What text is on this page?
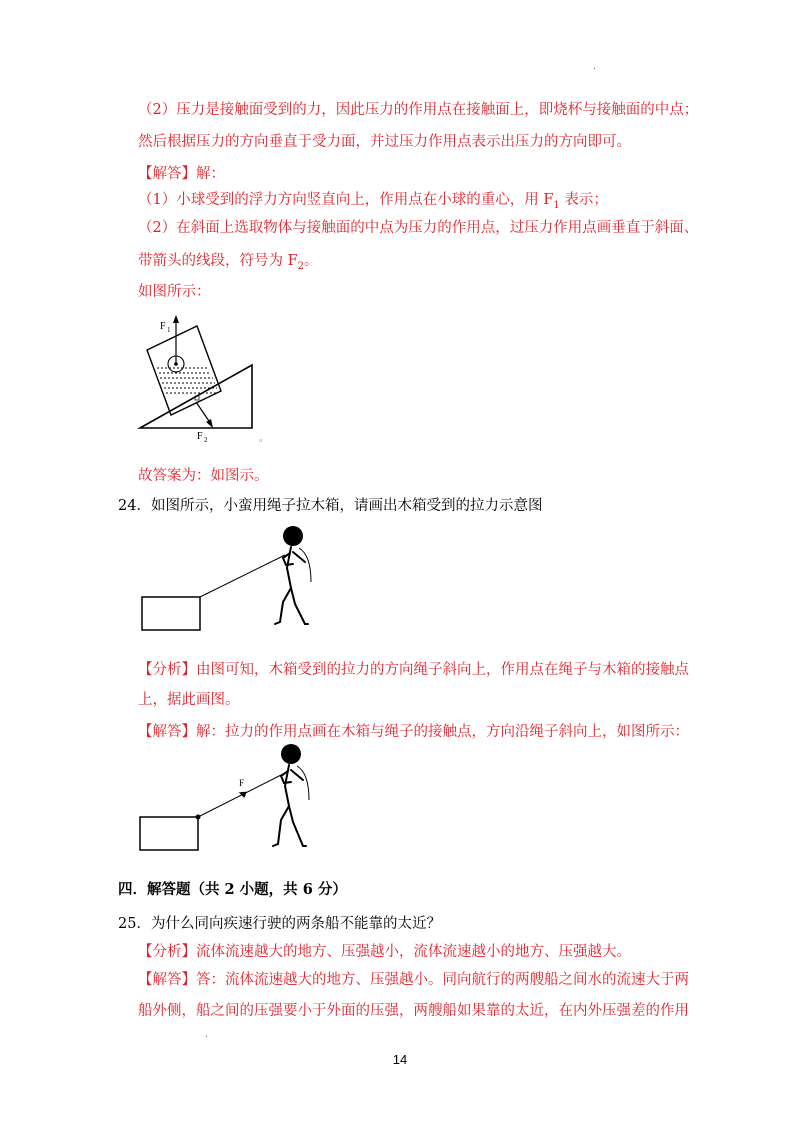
.
（2）压力是接触面受到的力，因此压力的作用点在接触面上，即烧杯与接触面的中点；
然后根据压力的方向垂直于受力面，并过压力作用点表示出压力的方向即可。
【解答】解：
（1）小球受到的浮力方向竖直向上，作用点在小球的重心，用 $F_1$ 表示；
（2）在斜面上选取物体与接触面的中点为压力的作用点，过压力作用点画垂直于斜面、
带箭头的线段，符号为 $F_2$。
如图所示：
F 1
F 2	。
故答案为：如图示。
24．如图所示，小蛮用绳子拉木箱，请画出木箱受到的拉力示意图
【分析】由图可知，木箱受到的拉力的方向绳子斜向上，作用点在绳子与木箱的接触点
上，据此画图。
【解答】解：拉力的作用点画在木箱与绳子的接触点，方向沿绳子斜向上，如图所示：
F
四．解答题（共 2 小题，共 6 分）
25．为什么同向疾速行驶的两条船不能靠的太近？
【分析】流体流速越大的地方、压强越小，流体流速越小的地方、压强越大。
【解答】答：流体流速越大的地方、压强越小。同向航行的两艘船之间水的流速大于两
船外侧，船之间的压强要小于外面的压强，两艘船如果靠的太近，在内外压强差的作用
.
14
